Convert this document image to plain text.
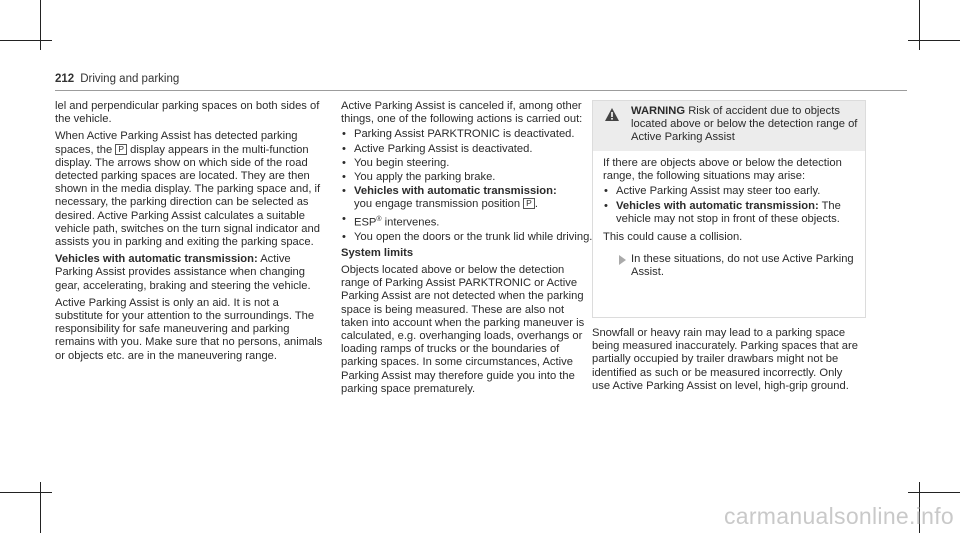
212 Driving and parking

lel and perpendicular parking spaces on both sides of the vehicle.

When Active Parking Assist has detected parking spaces, the P display appears in the multi-function display. The arrows show on which side of the road detected parking spaces are located. They are then shown in the media display. The parking space and, if necessary, the parking direction can be selected as desired. Active Parking Assist calculates a suitable vehicle path, switches on the turn signal indicator and assists you in parking and exiting the parking space.

Vehicles with automatic transmission: Active Parking Assist provides assistance when changing gear, accelerating, braking and steering the vehicle.

Active Parking Assist is only an aid. It is not a substitute for your attention to the surroundings. The responsibility for safe maneuvering and parking remains with you. Make sure that no persons, animals or objects etc. are in the maneuvering range.

Active Parking Assist is canceled if, among other things, one of the following actions is carried out:

• Parking Assist PARKTRONIC is deactivated.
• Active Parking Assist is deactivated.
• You begin steering.
• You apply the parking brake.
• Vehicles with automatic transmission:
you engage transmission position P .
• ESP® intervenes.
• You open the doors or the trunk lid while driving.

System limits

Objects located above or below the detection range of Parking Assist PARKTRONIC or Active Parking Assist are not detected when the parking space is being measured. These are also not taken into account when the parking maneuver is calculated, e.g. overhanging loads, overhangs or loading ramps of trucks or the boundaries of parking spaces. In some circumstances, Active Parking Assist may therefore guide you into the parking space prematurely.

WARNING Risk of accident due to objects located above or below the detection range of Active Parking Assist

If there are objects above or below the detection range, the following situations may arise:

• Active Parking Assist may steer too early.
• Vehicles with automatic transmission: The vehicle may not stop in front of these objects.

This could cause a collision.

In these situations, do not use Active Parking Assist.

Snowfall or heavy rain may lead to a parking space being measured inaccurately. Parking spaces that are partially occupied by trailer drawbars might not be identified as such or be measured incorrectly. Only use Active Parking Assist on level, high-grip ground.

carmanualsonline.info
